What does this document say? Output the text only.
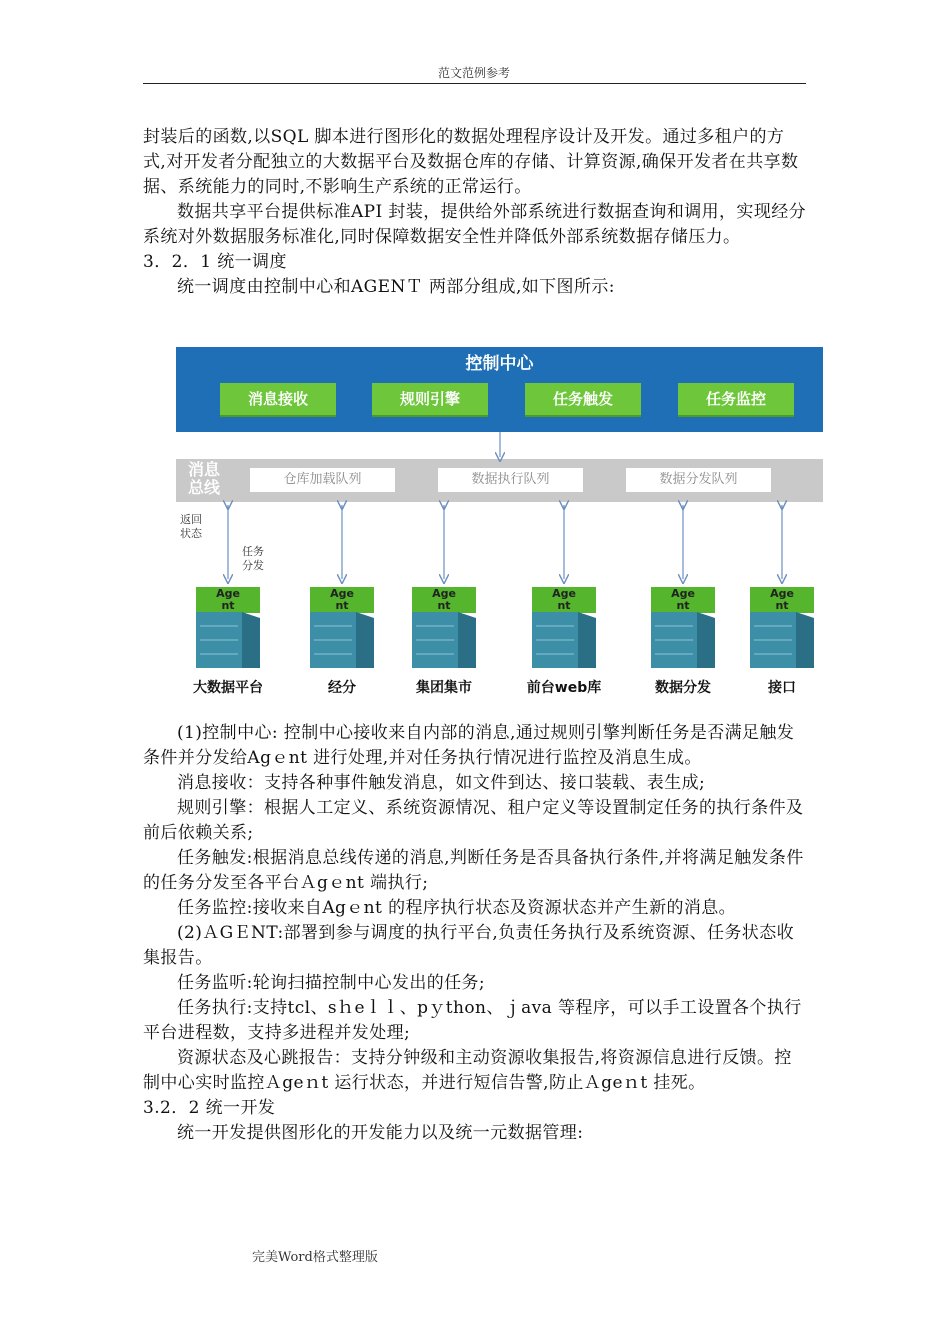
范文范例参考

封装后的函数,以SQL 脚本进行图形化的数据处理程序设计及开发。通过多租户的方式,对开发者分配独立的大数据平台及数据仓库的存储、计算资源,确保开发者在共享数据、系统能力的同时,不影响生产系统的正常运行。

数据共享平台提供标准API 封装，提供给外部系统进行数据查询和调用，实现经分系统对外数据服务标准化,同时保障数据安全性并降低外部系统数据存储压力。

3．2．1 统一调度

统一调度由控制中心和AGENＴ 两部分组成,如下图所示:

控制中心
消息接收	规则引擎	任务触发	任务监控
消息
总线	仓库加载队列	数据执行队列	数据分发队列
返回
状态
任务
分发
Age
nt
Age
nt
Age
nt
Age
nt
Age
nt
Age
nt
大数据平台	经分	集团集市	前台web库	数据分发	接口

(1)控制中心: 控制中心接收来自内部的消息,通过规则引擎判断任务是否满足触发条件并分发给Agｅnt 进行处理,并对任务执行情况进行监控及消息生成。

消息接收：支持各种事件触发消息，如文件到达、接口装载、表生成;

规则引擎：根据人工定义、系统资源情况、租户定义等设置制定任务的执行条件及前后依赖关系;

任务触发:根据消息总线传递的消息,判断任务是否具备执行条件,并将满足触发条件的任务分发至各平台Ａgｅnt 端执行;

任务监控:接收来自Agｅnt 的程序执行状态及资源状态并产生新的消息。

(2)ＡGＥNT:部署到参与调度的执行平台,负责任务执行及系统资源、任务状态收集报告。

任务监听:轮询扫描控制中心发出的任务;

任务执行:支持tcl、sｈeｌｌ、pｙthon、ｊava 等程序，可以手工设置各个执行平台进程数，支持多进程并发处理;

资源状态及心跳报告：支持分钟级和主动资源收集报告,将资源信息进行反馈。控制中心实时监控Ａgeｎt 运行状态，并进行短信告警,防止Ａgeｎt 挂死。

3.2．2 统一开发

统一开发提供图形化的开发能力以及统一元数据管理:

完美Word格式整理版
